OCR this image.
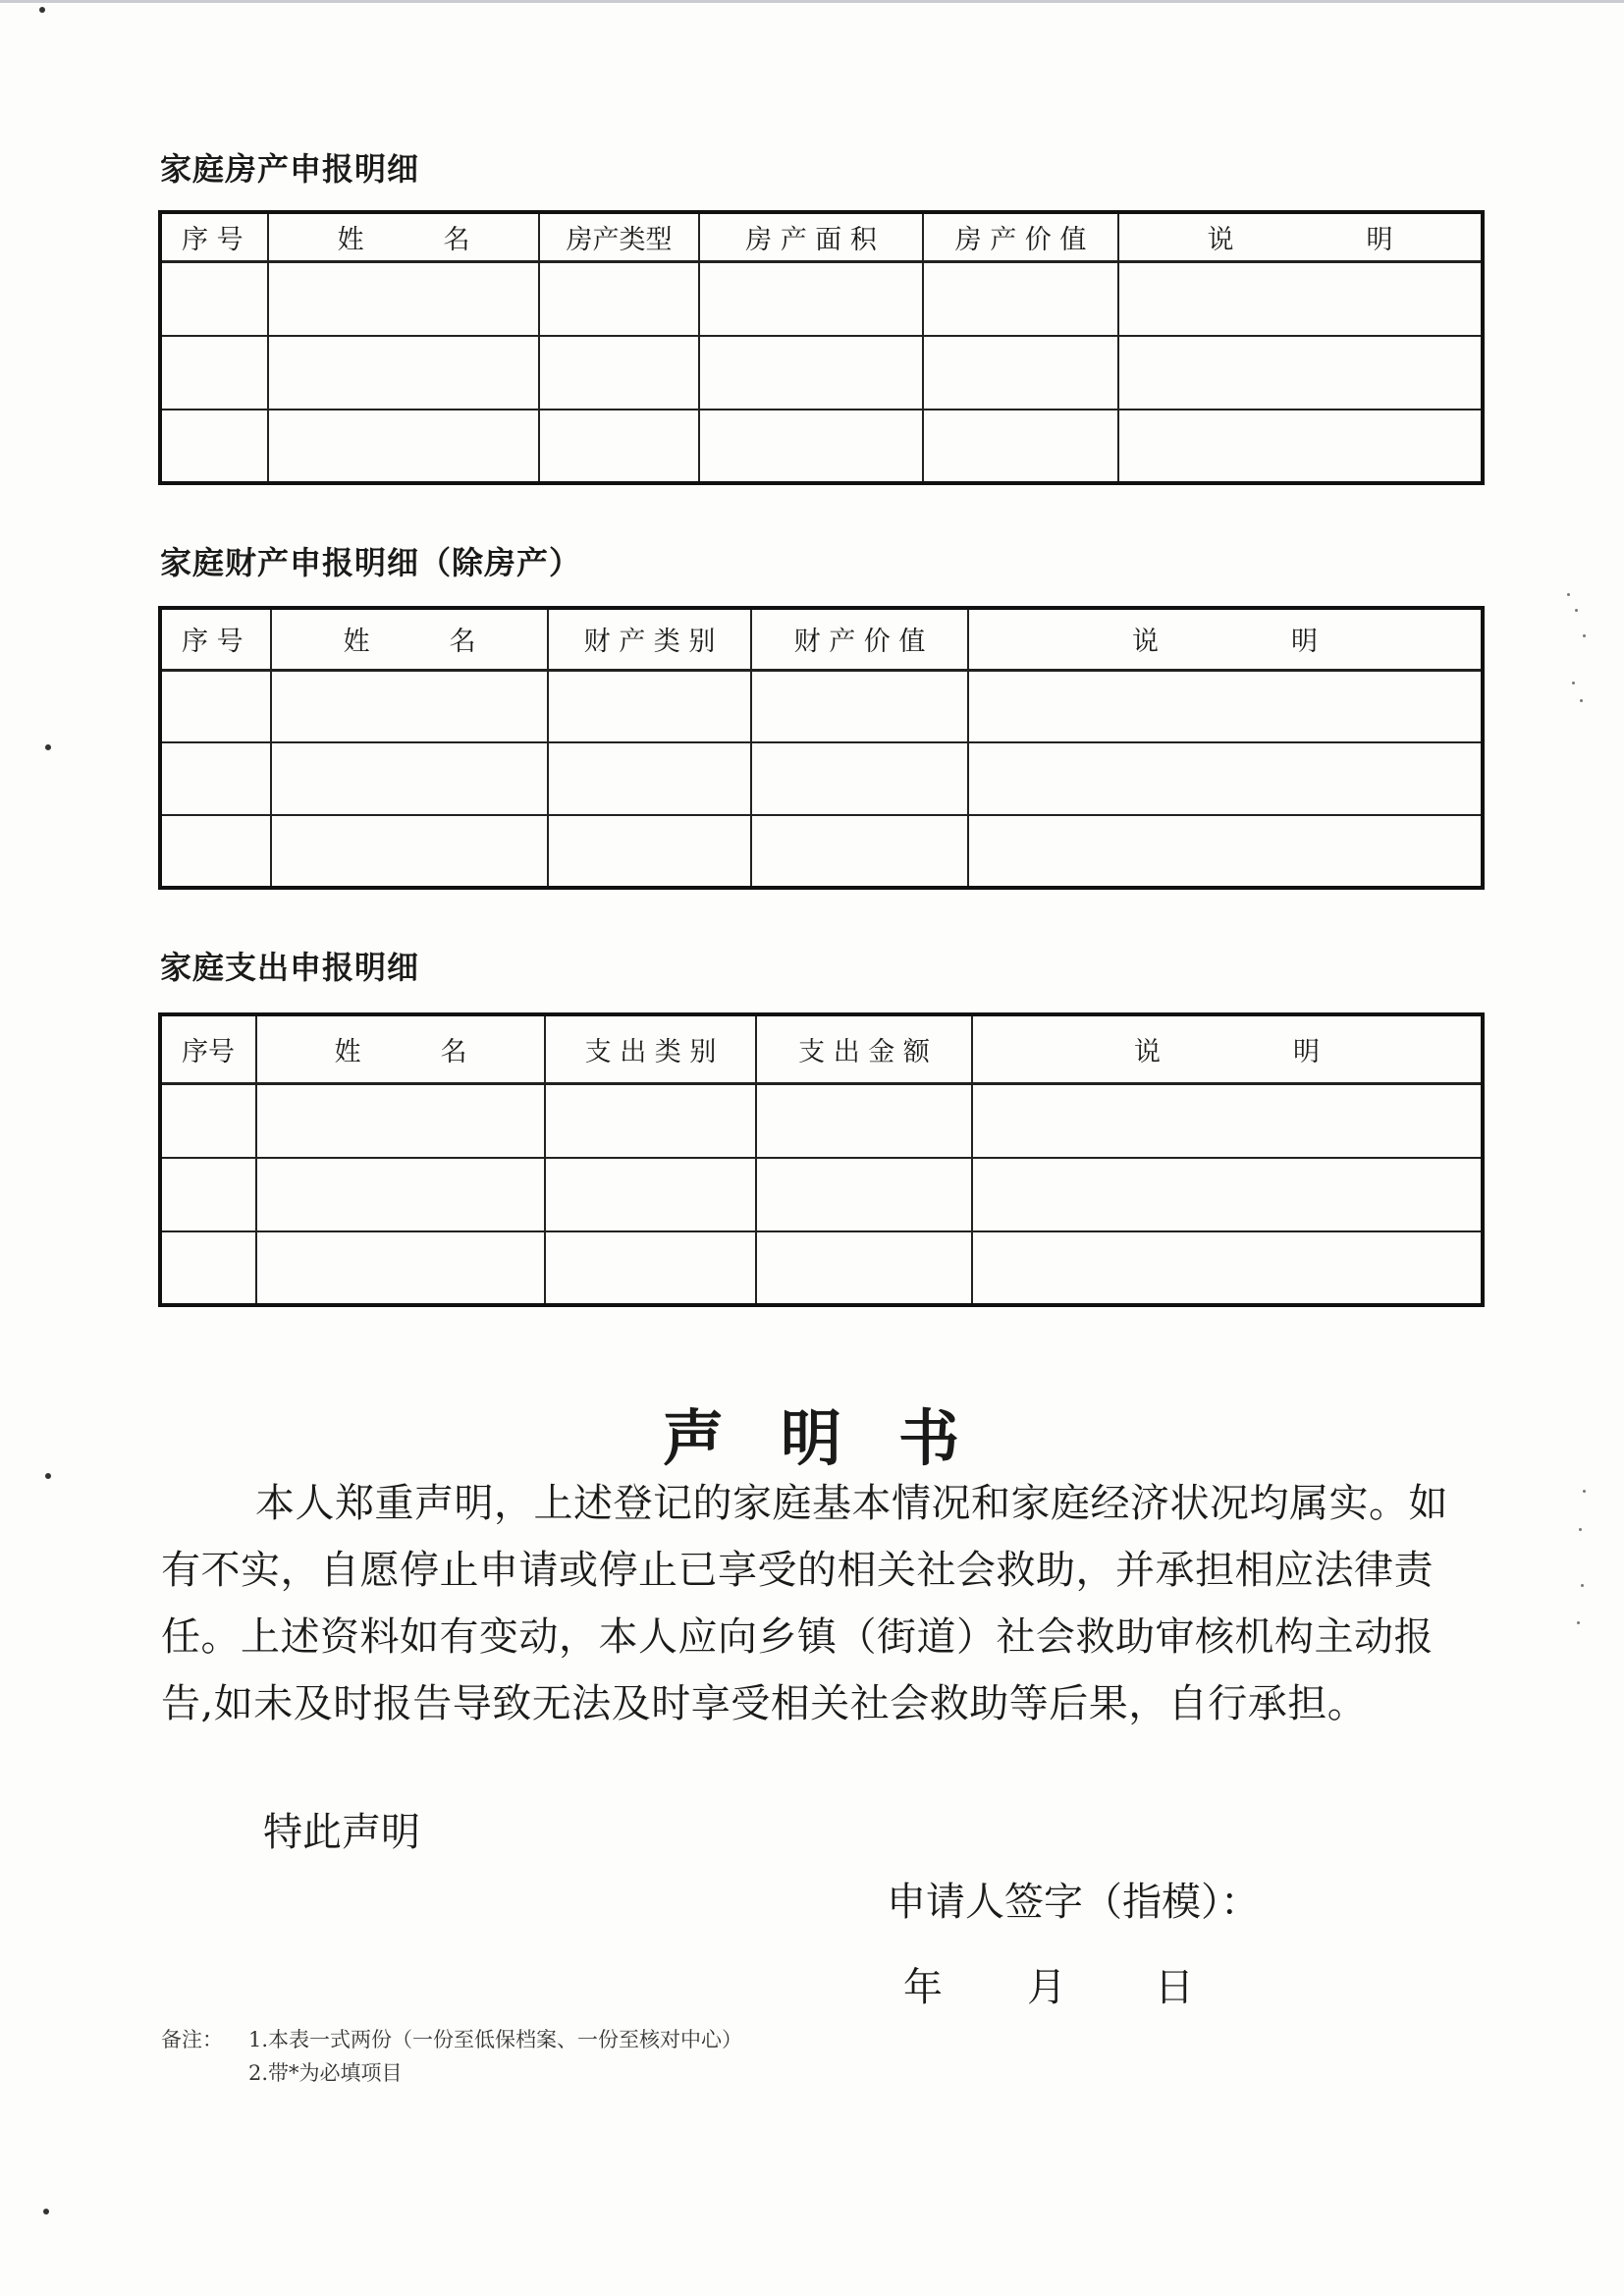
家庭房产申报明细
序 号	姓　　　名	房产类型	房 产 面 积	房 产 价 值	说　　　　　明

家庭财产申报明细（除房产）
序 号	姓　　　名	财 产 类 别	财 产 价 值	说　　　　　明

家庭支出申报明细
序号	姓　　　名	支 出 类 别	支 出 金 额	说　　　　　明

声 明 书

本人郑重声明，上述登记的家庭基本情况和家庭经济状况均属实。如有不实，自愿停止申请或停止已享受的相关社会救助，并承担相应法律责任。上述资料如有变动，本人应向乡镇（街道）社会救助审核机构主动报告,如未及时报告导致无法及时享受相关社会救助等后果，自行承担。

特此声明
申请人签字（指模）：
年 月 日
备注： 1.本表一式两份（一份至低保档案、一份至核对中心）
2.带*为必填项目
